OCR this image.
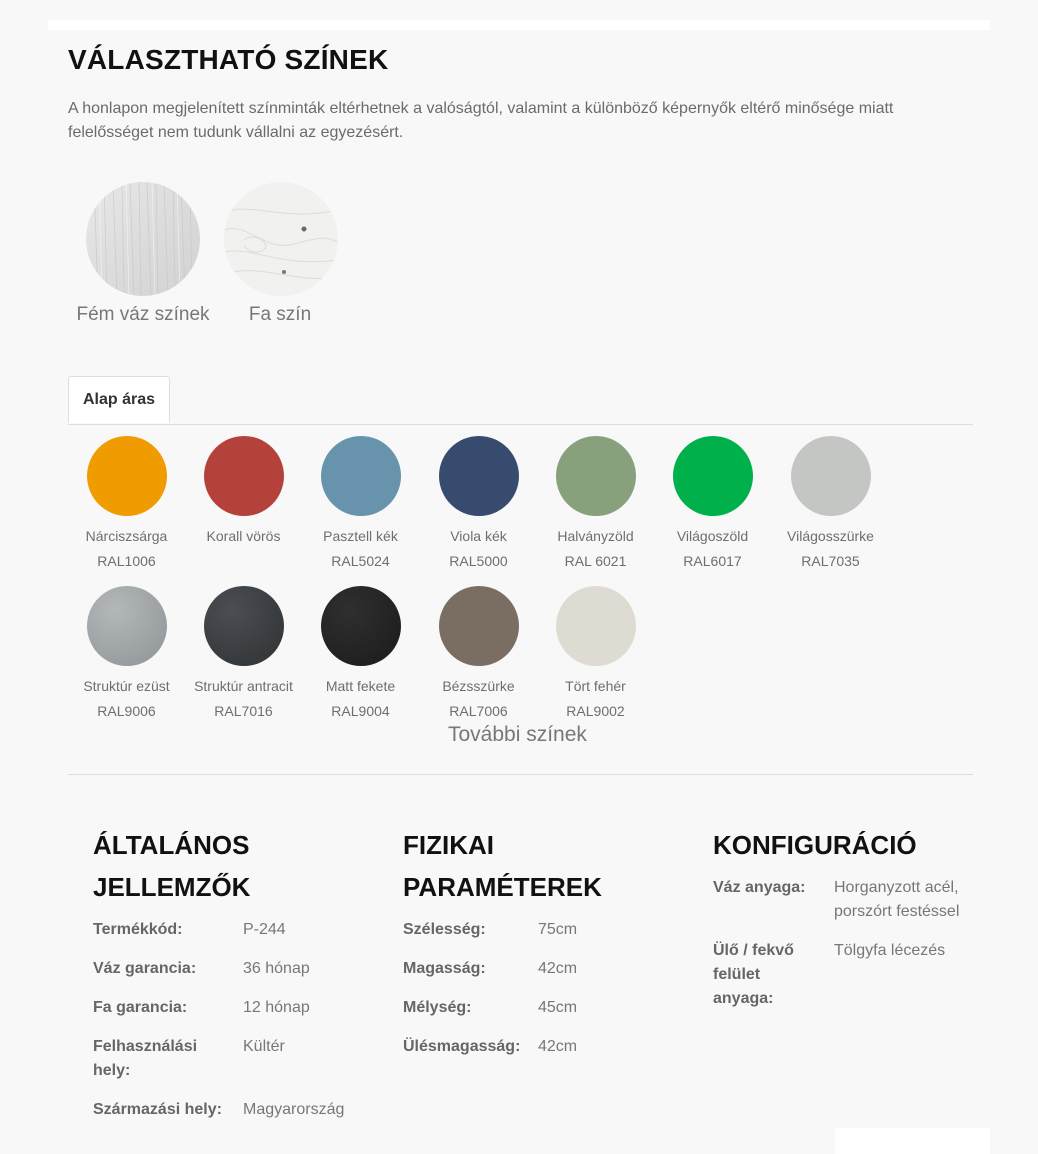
VÁLASZTHATÓ SZÍNEK

A honlapon megjelenített színminták eltérhetnek a valóságtól, valamint a különböző képernyők eltérő minősége miatt felelősséget nem tudunk vállalni az egyezésért.

Fém váz színek	Fa szín
Alap áras
Nárciszsárga
RAL1006
Korall vörös	Pasztell kék
RAL5024
Viola kék
RAL5000
Halványzöld
RAL 6021
Világoszöld
RAL6017
Világosszürke
RAL7035
Struktúr ezüst
RAL9006
Struktúr antracit
RAL7016
Matt fekete
RAL9004
Bézsszürke
RAL7006
Tört fehér
RAL9002
További színek
ÁLTALÁNOS JELLEMZŐK
Termékkód:	P-244
Váz garancia:	36 hónap
Fa garancia:	12 hónap
Felhasználási hely:
Kültér
Származási hely:	Magyarország
FIZIKAI PARAMÉTEREK
Szélesség:	75cm
Magasság:	42cm
Mélység:	45cm
Ülésmagasság:	42cm
KONFIGURÁCIÓ
Váz anyaga:	Horganyzott acél, porszórt festéssel
Ülő / fekvő felület anyaga:
Tölgyfa lécezés
